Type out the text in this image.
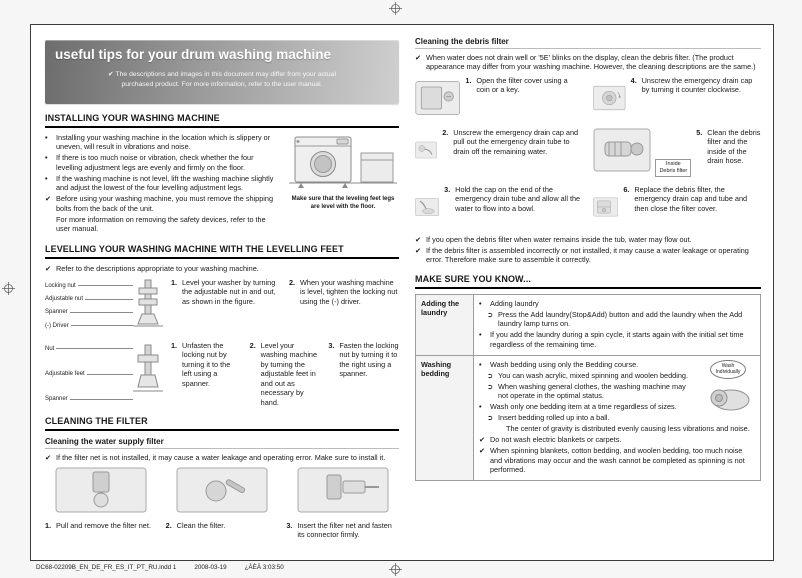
useful tips for your drum washing machine
✔ The descriptions and images in this document may differ from your actual
purchased product. For more information, refer to the user manual.
INSTALLING YOUR WASHING MACHINE
• Installing your washing machine in the location which is slippery or uneven, will result in vibrations and noise.
• If there is too much noise or vibration, check whether the four levelling adjustment legs are evenly and firmly on the floor.
• If the washing machine is not level, lift the washing machine slightly and adjust the lowest of the four levelling adjustment legs.
✔ Before using your washing machine, you must remove the shipping bolts from the back of the unit.
For more information on removing the safety devices, refer to the user manual.
Make sure that the leveling feet legs are level with the floor.
LEVELLING YOUR WASHING MACHINE WITH THE LEVELLING FEET
✔ Refer to the descriptions appropriate to your washing machine.
Locking nut
Adjustable nut
Spanner
(-) Driver
1. Level your washer by turning the adjustable nut in and out, as shown in the figure.
2. When your washing machine is level, tighten the locking nut using the (-) driver.
Nut
Adjustable feet
Spanner
1. Unfasten the locking nut by turning it to the left using a spanner.
2. Level your washing machine by turning the adjustable feet in and out as necessary by hand.
3. Fasten the locking nut by turning it to the right using a spanner.
CLEANING THE FILTER
Cleaning the water supply filter
✔ If the filter net is not installed, it may cause a water leakage and operating error. Make sure to install it.
1. Pull and remove the filter net.	2. Clean the filter.	3. Insert the filter net and fasten its connector firmly.
Cleaning the debris filter
✔ When water does not drain well or '5E' blinks on the display, clean the debris filter. (The product appearance may differ from your washing machine. However, the cleaning descriptions are the same.)
1. Open the filter cover using a coin or a key.
4. Unscrew the emergency drain cap by turning it counter clockwise.
2. Unscrew the emergency drain cap and pull out the emergency drain tube to drain off the remaining water.
Inside
Debris filter
5. Clean the debris filter and the inside of the drain hose.
3. Hold the cap on the end of the emergency drain tube and allow all the water to flow into a bowl.
6. Replace the debris filter, the emergency drain cap and tube and then close the filter cover.
✔ If you open the debris filter when water remains inside the tub, water may flow out.
✔ If the debris filter is assembled incorrectly or not installed, it may cause a water leakage or operating error. Therefore make sure to assemble it correctly.
MAKE SURE YOU KNOW...
Adding the laundry	• Adding laundry
➲ Press the Add laundry(Stop&Add) button and add the laundry when the Add laundry lamp turns on.
• If you add the laundry during a spin cycle, it starts again with the initial set time regardless of the remaining time.

Washing bedding	
Wash
Individually
• Wash bedding using only the Bedding course.
➲ You can wash acrylic, mixed spinning and woolen bedding.
➲ When washing general clothes, the washing machine may not operate in the optimal status.
• Wash only one bedding item at a time regardless of sizes.
➲ Insert bedding rolled up into a ball.
The center of gravity is distributed evenly causing less vibrations and noise.
✔ Do not wash electric blankets or carpets.
✔ When spinning blankets, cotton bedding, and woolen bedding, too much noise and vibrations may occur and the wash cannot be completed as spinning is not performed.
DC68-02209B_EN_DE_FR_ES_IT_PT_RU.indd 1	2008-03-19	¿ÀÈÄ 3:03:50
